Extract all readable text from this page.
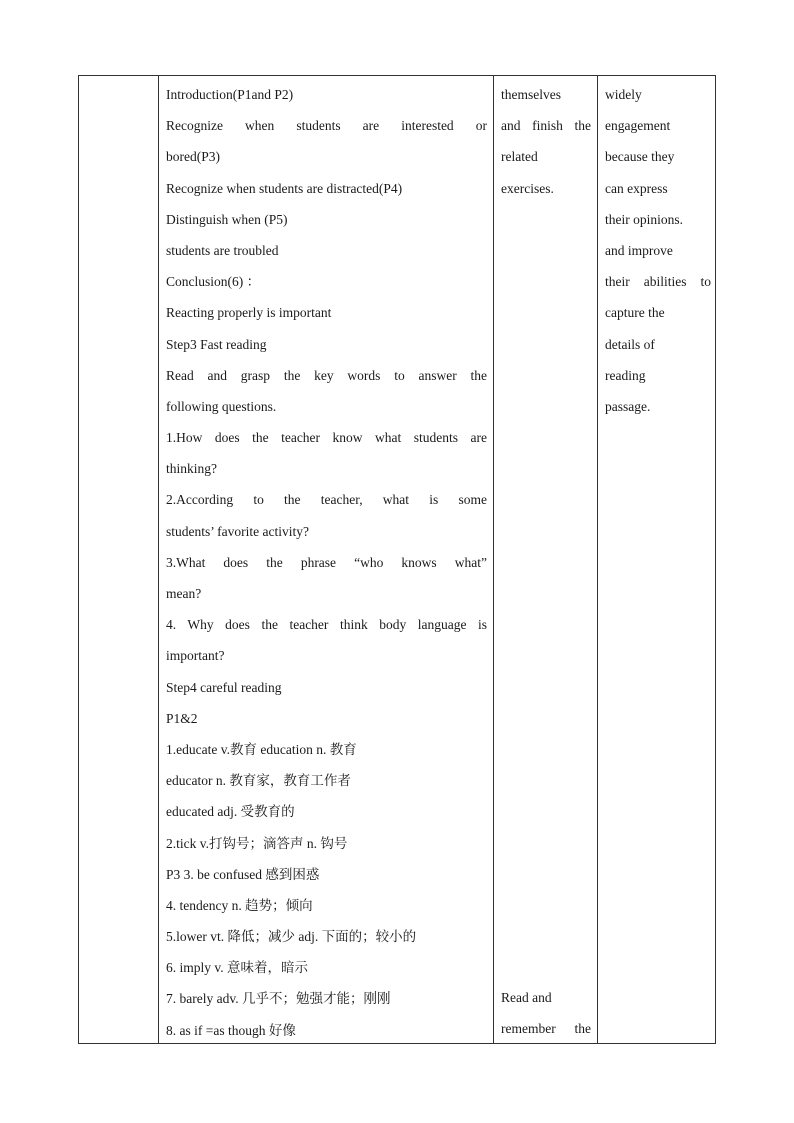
Introduction(P1and P2)
Recognize when students are interested or
bored(P3)
Recognize when students are distracted(P4)
Distinguish when (P5)
students are troubled
Conclusion(6) ：
Reacting properly is important
Step3 Fast reading
Read and grasp the key words to answer the
following questions.
1.How does the teacher know what students are
thinking?
2.According to the teacher, what is some
students’ favorite activity?
3.What does the phrase “who knows what”
mean?
4. Why does the teacher think body language is
important?
Step4 careful reading
P1&2
1.educate v.教育 education n. 教育
educator n. 教育家，教育工作者
educated adj. 受教育的
2.tick v.打钩号；滴答声 n. 钩号
P3 3. be confused 感到困惑
4. tendency n. 趋势；倾向
5.lower vt. 降低；减少 adj. 下面的；较小的
6. imply v. 意味着，暗示
7. barely adv. 几乎不；勉强才能；刚刚
8. as if =as though 好像
themselves
and finish the
related
exercises.
Read and
remember the
widely
engagement
because they
can express
their opinions.
and improve
their abilities to
capture the
details of
reading
passage.
